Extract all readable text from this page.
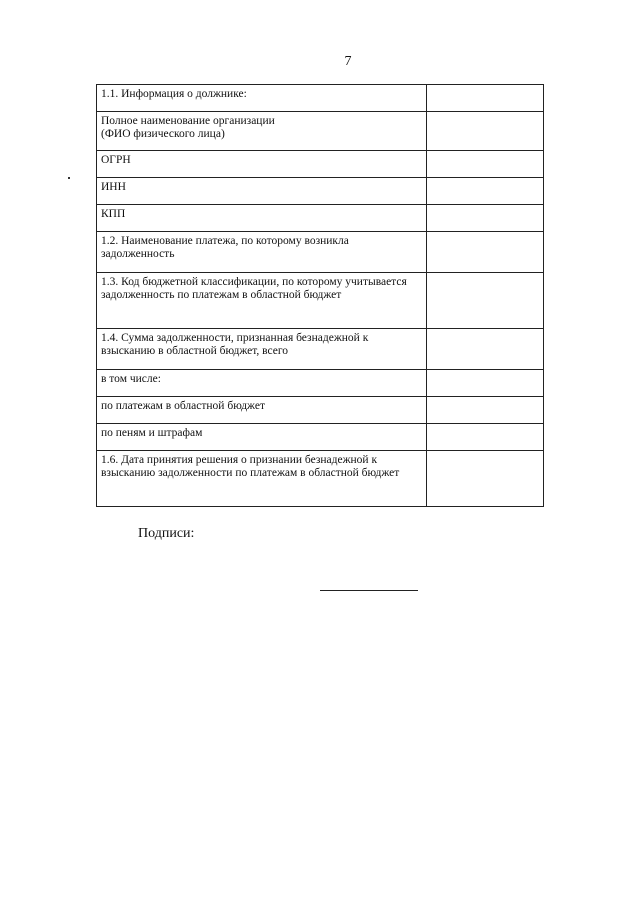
7
1.1. Информация о должнике:	
Полное наименование организации
(ФИО физического лица)	
ОГРН	
ИНН	
КПП	
1.2. Наименование платежа, по которому возникла задолженность	
1.3. Код бюджетной классификации, по которому учитывается задолженность по платежам в областной бюджет	
1.4. Сумма задолженности, признанная безнадежной к взысканию в областной бюджет, всего	
в том числе:	
по платежам в областной бюджет	
по пеням и штрафам	
1.6. Дата принятия решения о признании безнадежной к взысканию задолженности по платежам в областной бюджет	
Подписи:
